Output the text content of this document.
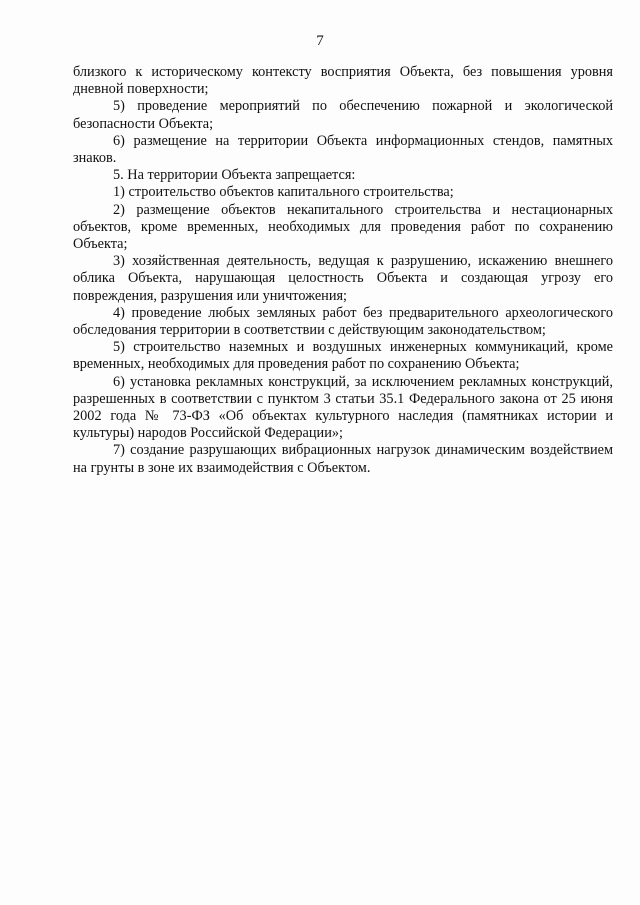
7

близкого к историческому контексту восприятия Объекта, без повышения уровня дневной поверхности;

5) проведение мероприятий по обеспечению пожарной и экологической безопасности Объекта;

6) размещение на территории Объекта информационных стендов, памятных знаков.

5. На территории Объекта запрещается:

1) строительство объектов капитального строительства;

2) размещение объектов некапитального строительства и нестационарных объектов, кроме временных, необходимых для проведения работ по сохранению Объекта;

3) хозяйственная деятельность, ведущая к разрушению, искажению внешнего облика Объекта, нарушающая целостность Объекта и создающая угрозу его повреждения, разрушения или уничтожения;

4) проведение любых земляных работ без предварительного археологического обследования территории в соответствии с действующим законодательством;

5) строительство наземных и воздушных инженерных коммуникаций, кроме временных, необходимых для проведения работ по сохранению Объекта;

6) установка рекламных конструкций, за исключением рекламных конструкций, разрешенных в соответствии с пунктом 3 статьи 35.1 Федерального закона от 25 июня 2002 года № 73-ФЗ «Об объектах культурного наследия (памятниках истории и культуры) народов Российской Федерации»;

7) создание разрушающих вибрационных нагрузок динамическим воздействием на грунты в зоне их взаимодействия с Объектом.
